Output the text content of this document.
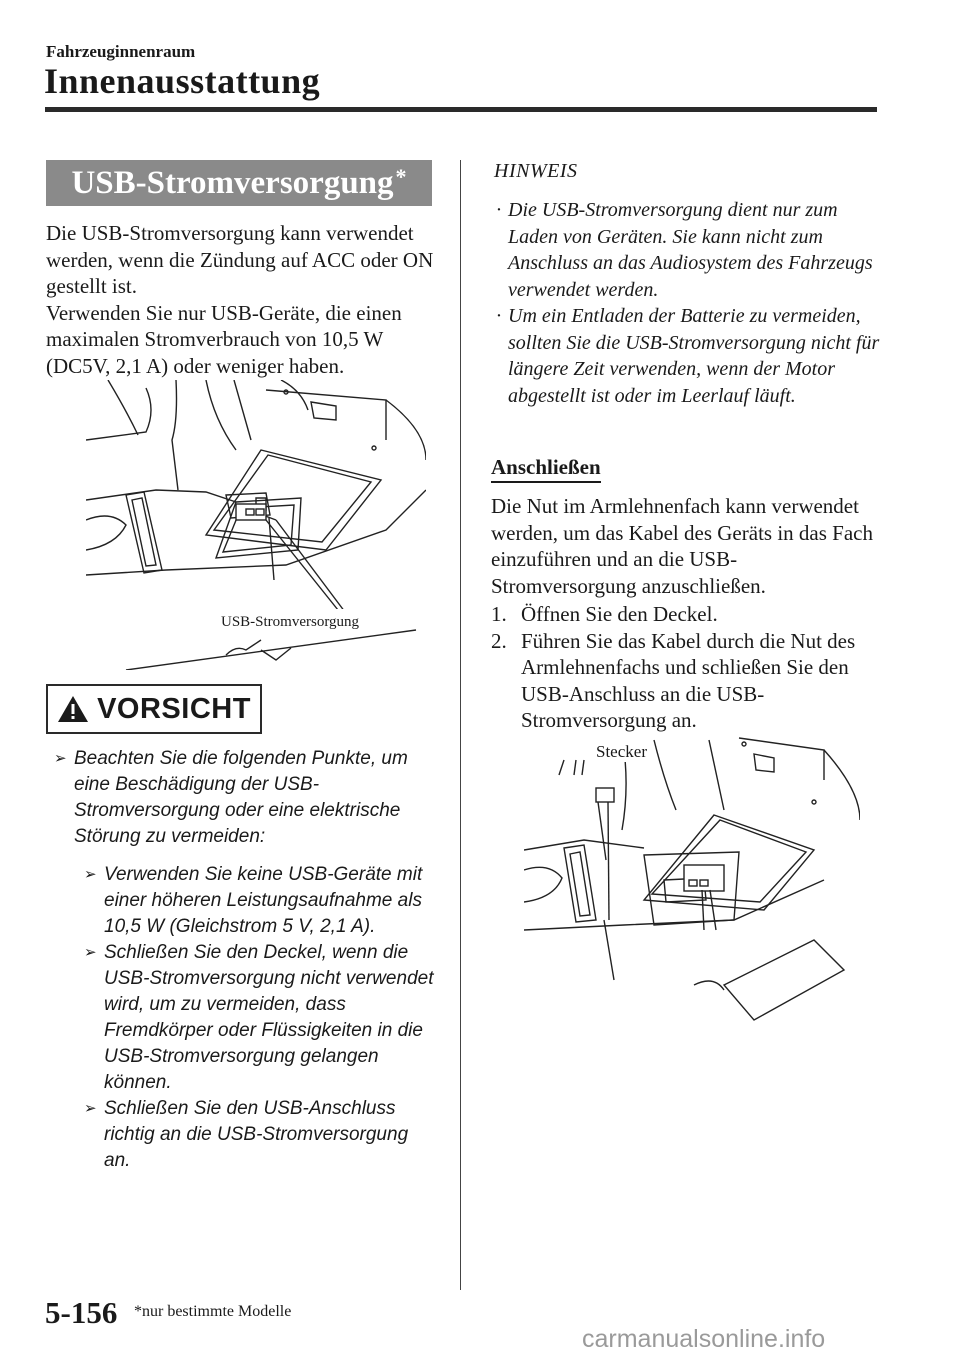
Fahrzeuginnenraum
Innenausstattung
USB-Stromversorgung*

Die USB-Stromversorgung kann verwendet werden, wenn die Zündung auf ACC oder ON gestellt ist.

Verwenden Sie nur USB-Geräte, die einen maximalen Stromverbrauch von 10,5 W (DC5V, 2,1 A) oder weniger haben.

USB-Stromversorgung
VORSICHT
➢ Beachten Sie die folgenden Punkte, um eine Beschädigung der USB-Stromversorgung oder eine elektrische Störung zu vermeiden:
➢ Verwenden Sie keine USB-Geräte mit einer höheren Leistungsaufnahme als 10,5 W (Gleichstrom 5 V, 2,1 A).
➢ Schließen Sie den Deckel, wenn die USB-Stromversorgung nicht verwendet wird, um zu vermeiden, dass Fremdkörper oder Flüssigkeiten in die USB-Stromversorgung gelangen können.
➢ Schließen Sie den USB-Anschluss richtig an die USB-Stromversorgung an.
HINWEIS
· Die USB-Stromversorgung dient nur zum Laden von Geräten. Sie kann nicht zum Anschluss an das Audiosystem des Fahrzeugs verwendet werden.
· Um ein Entladen der Batterie zu vermeiden, sollten Sie die USB-Stromversorgung nicht für längere Zeit verwenden, wenn der Motor abgestellt ist oder im Leerlauf läuft.
Anschließen

Die Nut im Armlehnenfach kann verwendet werden, um das Kabel des Geräts in das Fach einzuführen und an die USB-Stromversorgung anzuschließen.

1. Öffnen Sie den Deckel.
2. Führen Sie das Kabel durch die Nut des Armlehnenfachs und schließen Sie den USB-Anschluss an die USB-Stromversorgung an.
Stecker
5-156 *nur bestimmte Modelle
carmanualsonline.info
